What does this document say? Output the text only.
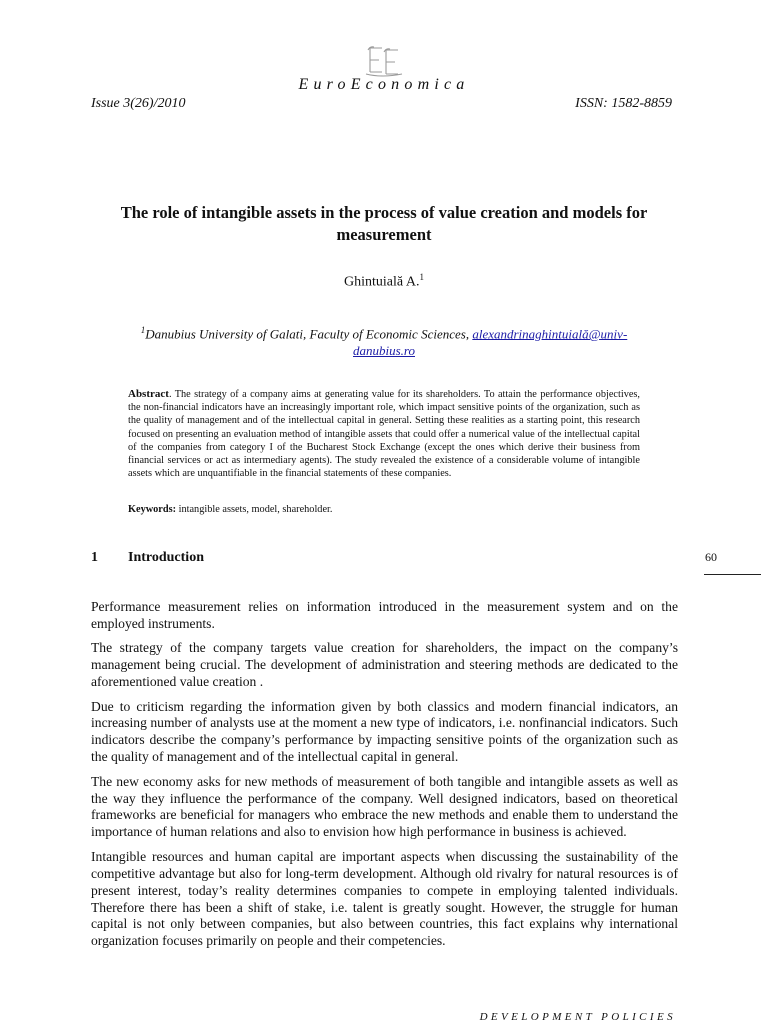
EuroEconomica
Issue 3(26)/2010	ISSN: 1582-8859
The role of intangible assets in the process of value creation and models for measurement
Ghintuială A.$^1$
$^1$Danubius University of Galati, Faculty of Economic Sciences, alexandrinaghintuială@univ-danubius.ro
Abstract. The strategy of a company aims at generating value for its shareholders. To attain the performance objectives, the non-financial indicators have an increasingly important role, which impact sensitive points of the organization, such as the quality of management and of the intellectual capital in general. Setting these realities as a starting point, this research focused on presenting an evaluation method of intangible assets that could offer a numerical value of the intellectual capital of the companies from category I of the Bucharest Stock Exchange (except the ones which derive their business from financial services or act as intermediary agents). The study revealed the existence of a considerable volume of intangible assets which are unquantifiable in the financial statements of these companies.
Keywords: intangible assets, model, shareholder.
1 Introduction	60

Performance measurement relies on information introduced in the measurement system and on the employed instruments.

The strategy of the company targets value creation for shareholders, the impact on the company’s management being crucial. The development of administration and steering methods are dedicated to the aforementioned value creation .

Due to criticism regarding the information given by both classics and modern financial indicators, an increasing number of analysts use at the moment a new type of indicators, i.e. nonfinancial indicators. Such indicators describe the company’s performance by impacting sensitive points of the organization such as the quality of management and of the intellectual capital in general.

The new economy asks for new methods of measurement of both tangible and intangible assets as well as the way they influence the performance of the company. Well designed indicators, based on theoretical frameworks are beneficial for managers who embrace the new methods and enable them to understand the importance of human relations and also to envision how high performance in business is achieved.

Intangible resources and human capital are important aspects when discussing the sustainability of the competitive advantage but also for long-term development. Although old rivalry for natural resources is of present interest, today’s reality determines companies to compete in employing talented individuals. Therefore there has been a shift of stake, i.e. talent is greatly sought. However, the struggle for human capital is not only between companies, but also between countries, this fact explains why international organization focuses primarily on people and their competencies.

DEVELOPMENT POLICIES
